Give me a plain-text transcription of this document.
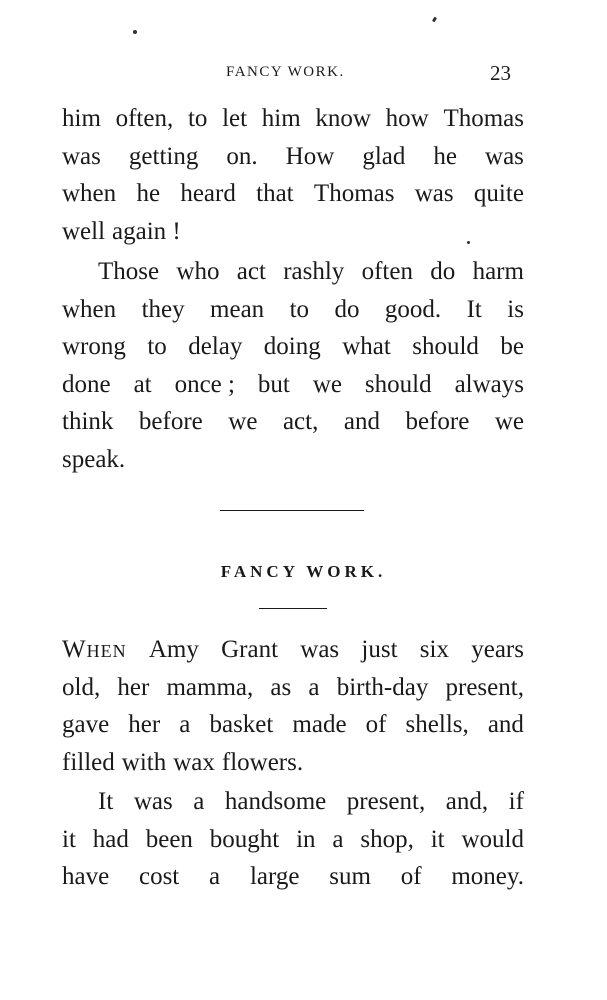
FANCY WORK.	23
him often, to let him know how Thomas
was getting on. How glad he was
when he heard that Thomas was quite
well again !
Those who act rashly often do harm
when they mean to do good. It is
wrong to delay doing what should be
done at once ; but we should always
think before we act, and before we
speak.
FANCY WORK.
When Amy Grant was just six years
old, her mamma, as a birth-day present,
gave her a basket made of shells, and
filled with wax flowers.
It was a handsome present, and, if
it had been bought in a shop, it would
have cost a large sum of money.
